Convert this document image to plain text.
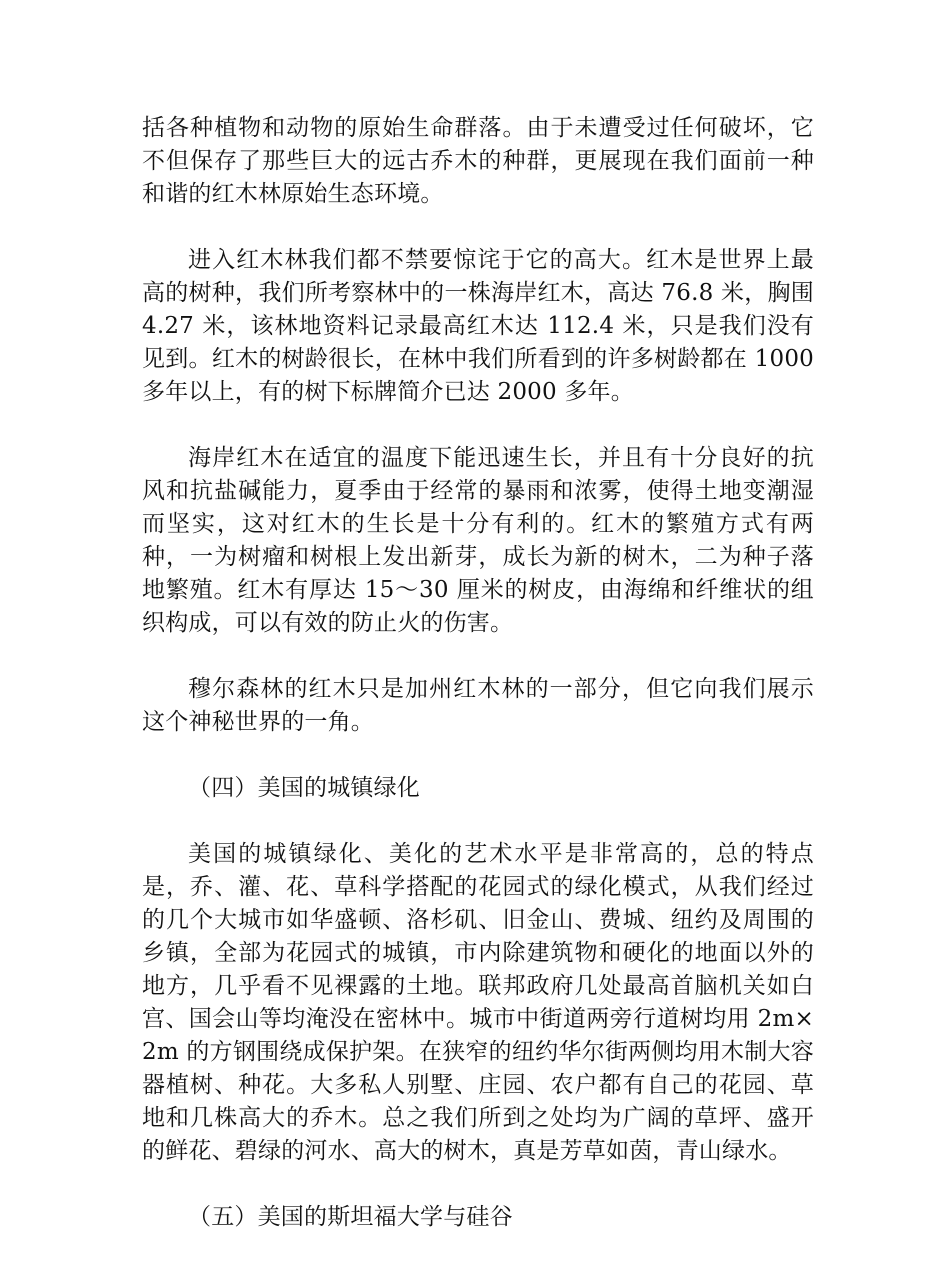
括各种植物和动物的原始生命群落。由于未遭受过任何破坏，它不但保存了那些巨大的远古乔木的种群，更展现在我们面前一种和谐的红木林原始生态环境。

进入红木林我们都不禁要惊诧于它的高大。红木是世界上最高的树种，我们所考察林中的一株海岸红木，高达 76.8 米，胸围 4.27 米，该林地资料记录最高红木达 112.4 米，只是我们没有见到。红木的树龄很长，在林中我们所看到的许多树龄都在 1000 多年以上，有的树下标牌简介已达 2000 多年。

海岸红木在适宜的温度下能迅速生长，并且有十分良好的抗风和抗盐碱能力，夏季由于经常的暴雨和浓雾，使得土地变潮湿而坚实，这对红木的生长是十分有利的。红木的繁殖方式有两种，一为树瘤和树根上发出新芽，成长为新的树木，二为种子落地繁殖。红木有厚达 15～30 厘米的树皮，由海绵和纤维状的组织构成，可以有效的防止火的伤害。

穆尔森林的红木只是加州红木林的一部分，但它向我们展示这个神秘世界的一角。

（四）美国的城镇绿化

美国的城镇绿化、美化的艺术水平是非常高的，总的特点是，乔、灌、花、草科学搭配的花园式的绿化模式，从我们经过的几个大城市如华盛顿、洛杉矶、旧金山、费城、纽约及周围的乡镇，全部为花园式的城镇，市内除建筑物和硬化的地面以外的地方，几乎看不见裸露的土地。联邦政府几处最高首脑机关如白宫、国会山等均淹没在密林中。城市中街道两旁行道树均用 2m×2m 的方钢围绕成保护架。在狭窄的纽约华尔街两侧均用木制大容器植树、种花。大多私人别墅、庄园、农户都有自己的花园、草地和几株高大的乔木。总之我们所到之处均为广阔的草坪、盛开的鲜花、碧绿的河水、高大的树木，真是芳草如茵，青山绿水。

（五）美国的斯坦福大学与硅谷
